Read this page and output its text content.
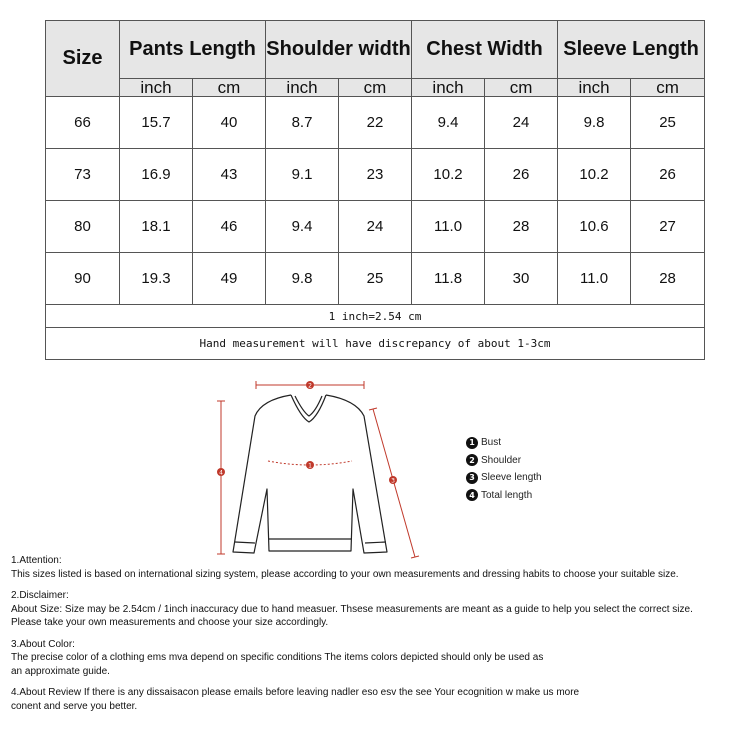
Size	Pants Length		Shoulder width		Chest Width		Sleeve Length	
	inch	cm	inch	cm	inch	cm	inch	cm
66	15.7	40	8.7	22	9.4	24	9.8	25
73	16.9	43	9.1	23	10.2	26	10.2	26
80	18.1	46	9.4	24	11.0	28	10.6	27
90	19.3	49	9.8	25	11.8	30	11.0	28
1 inch=2.54 cm								
Hand measurement will have discrepancy of about 1-3cm								
2
1
4
3
1 Bust
2 Shoulder
3 Sleeve length
4 Total length

1.Attention:

This sizes listed is based on international sizing system, please according to your own measurements and dressing habits to choose your suitable size.

2.Disclaimer:

About Size: Size may be 2.54cm / 1inch inaccuracy due to hand measuer. Thsese measurements are meant as a guide to help you select the correct size.

Please take your own measurements and choose your size accordingly.

3.About Color:

The precise color of a clothing ems mva depend on specific conditions The items colors depicted should only be used as

an approximate guide.

4.About Review If there is any dissaisacon please emails before leaving nadler eso esv the see Your ecognition w make us more

conent and serve you better.
